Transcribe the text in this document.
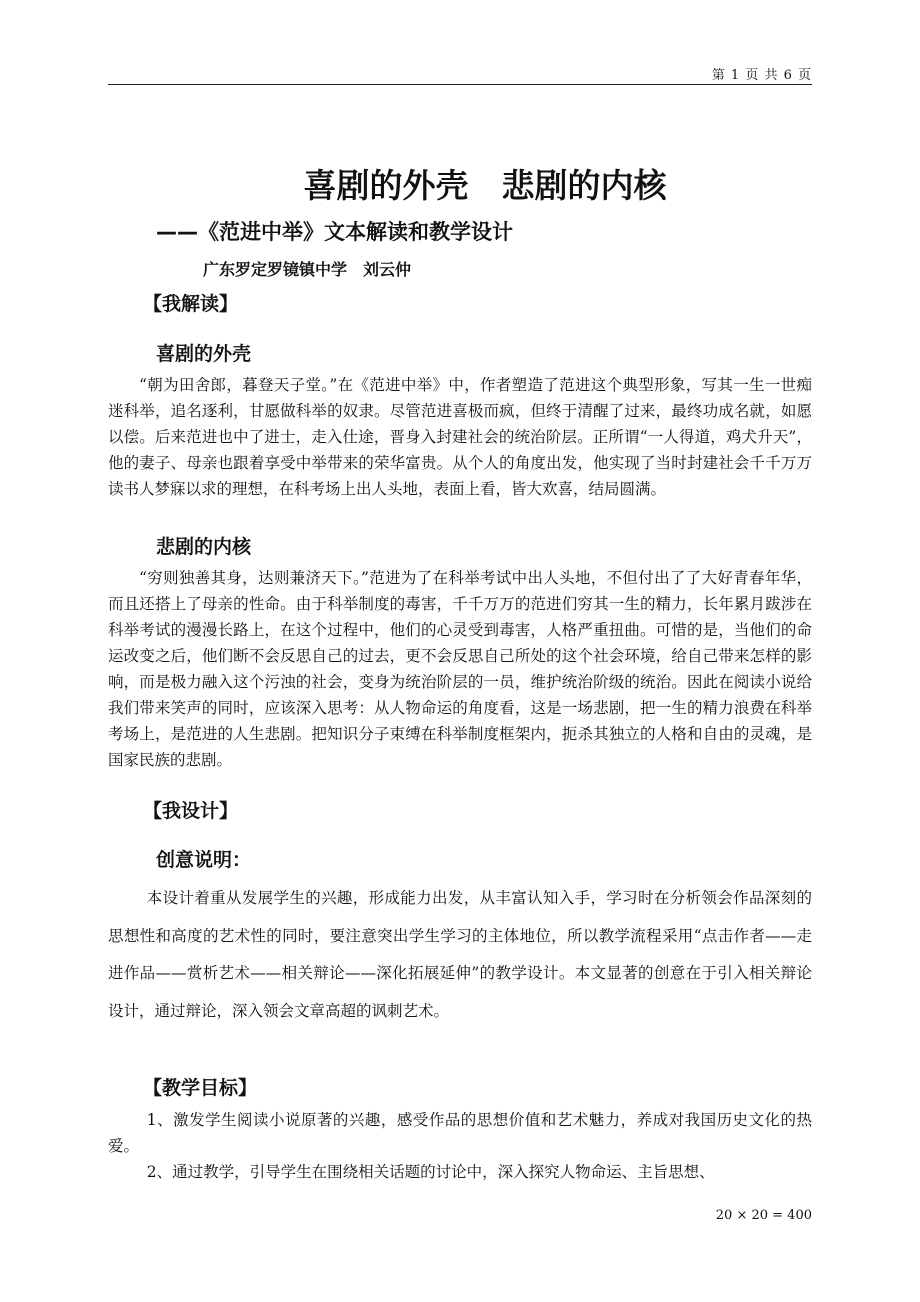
第 1 页 共 6 页
喜剧的外壳　悲剧的内核
——《范进中举》文本解读和教学设计
广东罗定罗镜镇中学　刘云仲
【我解读】
喜剧的外壳

“朝为田舍郎，暮登天子堂。”在《范进中举》中，作者塑造了范进这个典型形象，写其一生一世痴迷科举，追名逐利，甘愿做科举的奴隶。尽管范进喜极而疯，但终于清醒了过来，最终功成名就，如愿以偿。后来范进也中了进士，走入仕途，晋身入封建社会的统治阶层。正所谓“一人得道，鸡犬升天”，他的妻子、母亲也跟着享受中举带来的荣华富贵。从个人的角度出发，他实现了当时封建社会千千万万读书人梦寐以求的理想，在科考场上出人头地，表面上看，皆大欢喜，结局圆满。

悲剧的内核

“穷则独善其身，达则兼济天下。”范进为了在科举考试中出人头地，不但付出了了大好青春年华，而且还搭上了母亲的性命。由于科举制度的毒害，千千万万的范进们穷其一生的精力，长年累月跋涉在科举考试的漫漫长路上，在这个过程中，他们的心灵受到毒害，人格严重扭曲。可惜的是，当他们的命运改变之后，他们断不会反思自己的过去，更不会反思自己所处的这个社会环境，给自己带来怎样的影响，而是极力融入这个污浊的社会，变身为统治阶层的一员，维护统治阶级的统治。因此在阅读小说给我们带来笑声的同时，应该深入思考：从人物命运的角度看，这是一场悲剧，把一生的精力浪费在科举考场上，是范进的人生悲剧。把知识分子束缚在科举制度框架内，扼杀其独立的人格和自由的灵魂，是国家民族的悲剧。

【我设计】
创意说明：

本设计着重从发展学生的兴趣，形成能力出发，从丰富认知入手，学习时在分析领会作品深刻的思想性和高度的艺术性的同时，要注意突出学生学习的主体地位，所以教学流程采用“点击作者——走进作品——赏析艺术——相关辩论——深化拓展延伸”的教学设计。本文显著的创意在于引入相关辩论设计，通过辩论，深入领会文章高超的讽刺艺术。

【教学目标】

1、激发学生阅读小说原著的兴趣，感受作品的思想价值和艺术魅力，养成对我国历史文化的热爱。

2、通过教学，引导学生在围绕相关话题的讨论中，深入探究人物命运、主旨思想、

20 × 20 = 400
